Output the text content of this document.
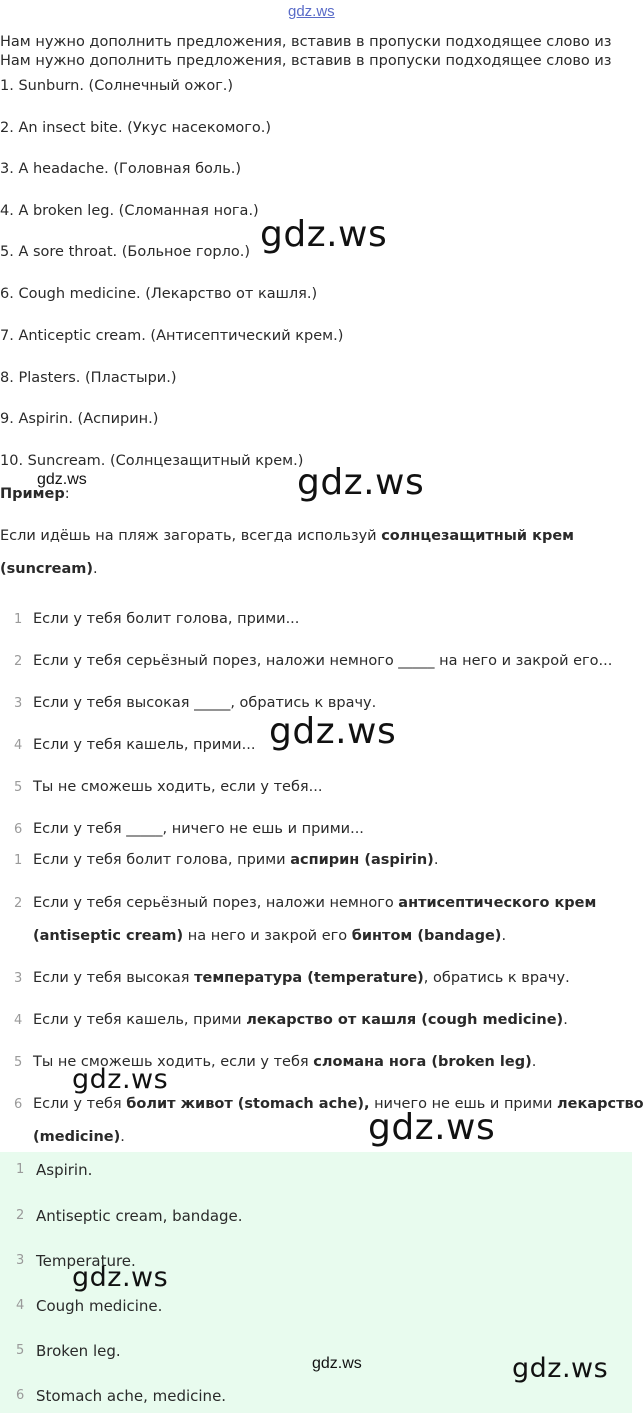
gdz.ws
gdz.ws
gdz.ws	gdz.ws
gdz.ws
gdz.ws
gdz.ws
Нам нужно дополнить предложения, вставив в пропуски подходящее слово из
Нам нужно дополнить предложения, вставив в пропуски подходящее слово из
1. Sunburn. (Солнечный ожог.)
2. An insect bite. (Укус насекомого.)
3. A headache. (Головная боль.)
4. A broken leg. (Сломанная нога.)
5. A sore throat. (Больное горло.)
6. Cough medicine. (Лекарство от кашля.)
7. Anticeptic cream. (Антисептический крем.)
8. Plasters. (Пластыри.)
9. Aspirin. (Аспирин.)
10. Suncream. (Солнцезащитный крем.)
Пример:
Если идёшь на пляж загорать, всегда используй солнцезащитный крем
(suncream).
1 Если у тебя болит голова, прими...
2 Если у тебя серьёзный порез, наложи немного _____ на него и закрой его...
3 Если у тебя высокая _____, обратись к врачу.
4 Если у тебя кашель, прими...
5 Ты не сможешь ходить, если у тебя...
6 Если у тебя _____, ничего не ешь и прими...
1 Если у тебя болит голова, прими аспирин (aspirin).
2 Если у тебя серьёзный порез, наложи немного антисептического крем
(antiseptic cream) на него и закрой его бинтом (bandage).
3 Если у тебя высокая температура (temperature), обратись к врачу.
4 Если у тебя кашель, прими лекарство от кашля (cough medicine).
5 Ты не сможешь ходить, если у тебя сломана нога (broken leg).
6 Если у тебя болит живот (stomach ache), ничего не ешь и прими лекарство
(medicine).
1 Aspirin.
2 Antiseptic cream, bandage.
3 Temperature.
4 Cough medicine.
5 Broken leg.
6 Stomach ache, medicine.
gdz.ws
gdz.ws	gdz.ws
